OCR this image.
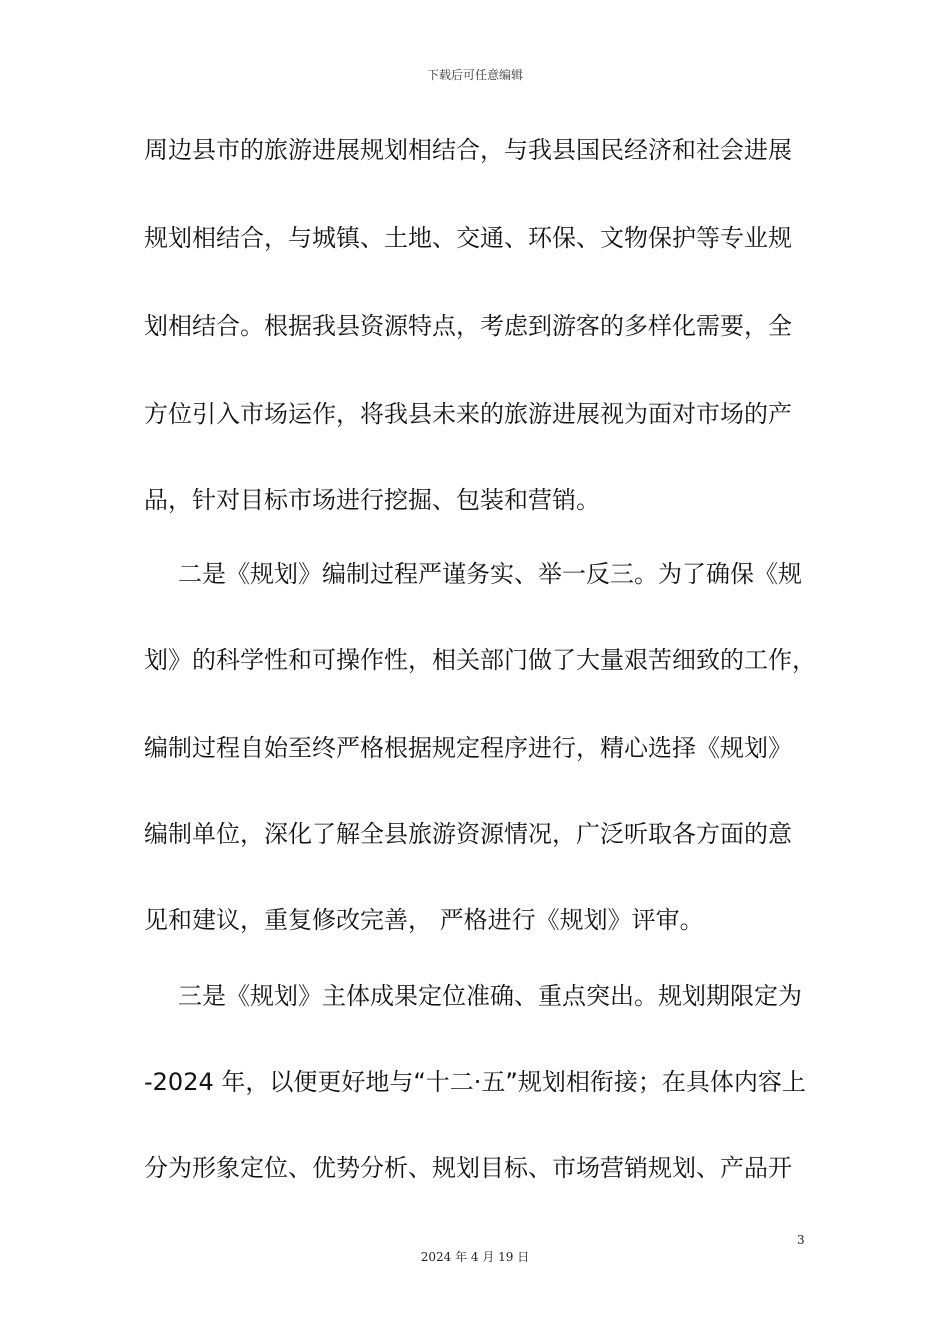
下载后可任意编辑
周边县市的旅游进展规划相结合，与我县国民经济和社会进展
规划相结合，与城镇、土地、交通、环保、文物保护等专业规
划相结合。根据我县资源特点，考虑到游客的多样化需要，全
方位引入市场运作，将我县未来的旅游进展视为面对市场的产
品，针对目标市场进行挖掘、包装和营销。
二是《规划》编制过程严谨务实、举一反三。为了确保《规
划》的科学性和可操作性，相关部门做了大量艰苦细致的工作，
编制过程自始至终严格根据规定程序进行，精心选择《规划》
编制单位，深化了解全县旅游资源情况，广泛听取各方面的意
见和建议，重复修改完善， 严格进行《规划》评审。
三是《规划》主体成果定位准确、重点突出。规划期限定为
-2024 年，以便更好地与“十二·五”规划相衔接；在具体内容上
分为形象定位、优势分析、规划目标、市场营销规划、产品开
3
2024 年 4 月 19 日
